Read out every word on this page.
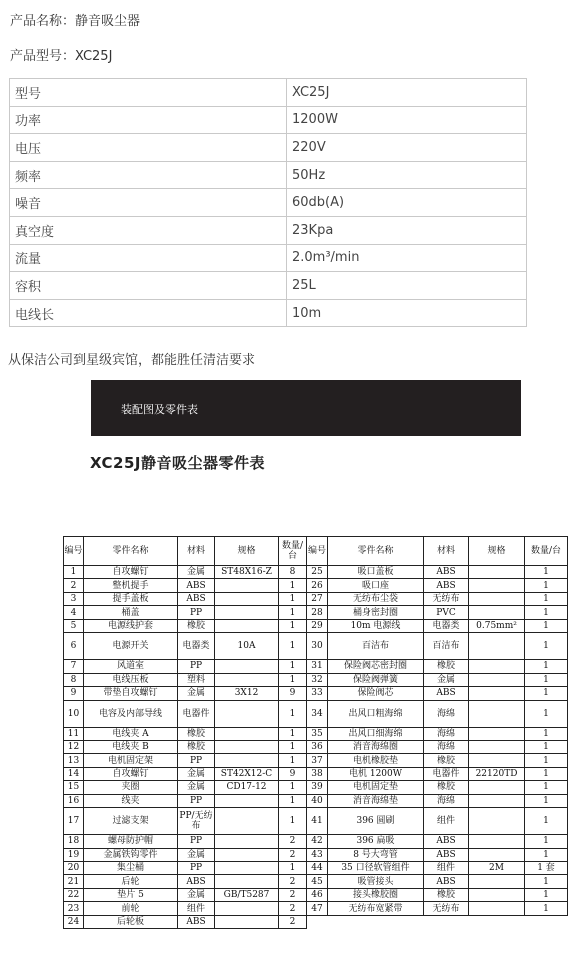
产品名称：静音吸尘器
产品型号：XC25J
型号	XC25J
功率	1200W
电压	220V
频率	50Hz
噪音	60db(A)
真空度	23Kpa
流量	2.0m³/min
容积	25L
电线长	10m
从保洁公司到星级宾馆，都能胜任清洁要求
装配图及零件表
XC25J静音吸尘器零件表
编号	零件名称	材料	规格	数量/台	编号	零件名称	材料	规格	数量/台
1	自攻螺钉	金属	ST48X16-Z	8	25	吸口盖板	ABS		1
2	整机提手	ABS		1	26	吸口座	ABS		1
3	提手盖板	ABS		1	27	无纺布尘袋	无纺布		1
4	桶盖	PP		1	28	桶身密封圈	PVC		1
5	电源线护套	橡胶		1	29	10m 电源线	电器类	0.75mm²	1
6	电源开关	电器类	10A	1	30	百洁布	百洁布		1
7	风道室	PP		1	31	保险阀芯密封圈	橡胶		1
8	电线压板	塑料		1	32	保险阀弹簧	金属		1
9	带垫自攻螺钉	金属	3X12	9	33	保险阀芯	ABS		1
10	电容及内部导线	电器件		1	34	出风口粗海绵	海绵		1
11	电线夹 A	橡胶		1	35	出风口细海绵	海绵		1
12	电线夹 B	橡胶		1	36	消音海绵圈	海绵		1
13	电机固定架	PP		1	37	电机橡胶垫	橡胶		1
14	自攻螺钉	金属	ST42X12-C	9	38	电机 1200W	电器件	22120TD	1
15	夹圈	金属	CD17-12	1	39	电机固定垫	橡胶		1
16	线夹	PP		1	40	消音海绵垫	海绵		1
17	过滤支架	PP/无纺布		1	41	396 圆刷	组件		1
18	螺母防护帽	PP		2	42	396 扁吸	ABS		1
19	金属铁钩零件	金属		2	43	8 号大弯管	ABS		1
20	集尘桶	PP		1	44	35 口径软管组件	组件	2M	1 套
21	后轮	ABS		2	45	吸管接头	ABS		1
22	垫片 5	金属	GB/T5287	2	46	接头橡胶圈	橡胶		1
23	前轮	组件		2	47	无纺布宽紧带	无纺布		1
24	后轮板	ABS		2					
